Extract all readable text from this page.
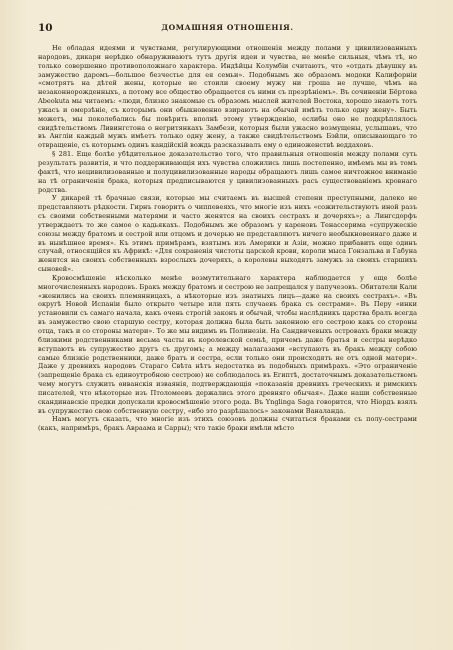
10	ДОМАШНЯЯ ОТНОШЕНІЯ.

Не обладая идеями и чувствами, регулирующими отношенія между полами у цивилизованныхъ народовъ, дикари нерѣдко обнаруживаютъ тутъ другія идеи и чувства, не менѣе сильныя, чѣмъ тѣ, но только совершенно противоположнаго характера. Индѣйцы Колумбіи считаютъ, что «отдать дѣвушку въ замужество даромъ—большое безчестье для ея семьи». Подобнымъ же образомъ модоки Калифорніи «смотрятъ на дѣтей жены, которые не стоили своему мужу ни гроша не лучше, чѣмъ на незаконнорожденныхъ, а потому все общество обращается съ ними съ презрѣніемъ». Въ сочиненіи Бёртова Abeokuta мы читаемъ: «люди, близко знакомые съ образомъ мыслей жителей Востока, хорошо знаютъ тотъ ужасъ и омерзѣніе, съ которымъ они обыкновенно взираютъ на обычай имѣть только одну жену». Быть можетъ, мы поколебались бы повѣрить вполнѣ этому утвержденію, еслибы оно не подкрѣплялось свидѣтельствомъ Ливингстона о негритянкахъ Замбези, которыя были ужасно возмущены, услышавъ, что въ Англіи каждый мужъ имѣетъ только одну жену, а также свидѣтельствомъ Бэйли, описывающаго то отвращеніе, съ которымъ одинъ кандійскій вождь разсказывалъ ему о единоженствѣ веддаховъ.

§ 281. Еще болѣе убѣдительное доказательство того, что правильныя отношенія между полами суть результатъ развитія, и что поддерживающія ихъ чувства сложились лишь постепенно, имѣемъ мы въ томъ фактѣ, что нецивилизованные и полуцивилизованные народы обращаютъ лишь самое ничтожное вниманіе на тѣ ограниченія брака, которыя предписываются у цивилизованныхъ расъ существованіемъ кровнаго родства.

У дикарей тѣ брачные связи, которые мы считаемъ въ высшей степени преступными, далеко не представляютъ рѣдкости. Гирнъ говоритъ о чиппевеяхъ, что многіе изъ нихъ «сожительствуютъ иной разъ съ своими собственными матерями и часто женятся на своихъ сестрахъ и дочеряхъ»; а Лингсдорфъ утверждаетъ то же самое о кадьякахъ. Подобнымъ же образомъ у кареновъ Тенассерима «супружескіе союзы между братомъ и сестрой или отцомъ и дочерью не представляютъ ничего необыкновеннаго даже и въ нынѣшнее время». Къ этимъ примѣрамъ, взятымъ изъ Америки и Азіи, можно прибавить еще одинъ случай, относящійся къ Африкѣ: «Для сохраненія чистоты царской крови, короли мыса Гонзальва и Габуна женятся на своихъ собственныхъ взрослыхъ дочеряхъ, а королевы выходятъ замужъ за своихъ старшихъ сыновей».

Кровосмѣшеніе нѣсколько менѣе возмутительнаго характера наблюдается у еще болѣе многочисленныхъ народовъ. Бракъ между братомъ и сестрою не запрещался у папучезовъ. Обитатели Кали «женились на своихъ племянницахъ, а нѣкоторые изъ знатныхъ лицъ—даже на своихъ сестрахъ». «Въ округѣ Новой Испаніи было открыто четыре или пять случаевъ брака съ сестрами». Въ Перу «инки установили съ самаго начала, какъ очень строгій законъ и обычай, чтобы наслѣдникъ царства бралъ всегда въ замужество свою старшую сестру, которая должна была быть законною его сестрою какъ со стороны отца, такъ и со стороны матери». То же мы видимъ въ Полинезіи. На Сандвичевыхъ островахъ браки между близкими родственниками весьма часты въ королевской семьѣ, причемъ даже братья и сестры нерѣдко вступаютъ въ супружество другъ съ другомъ; а между малагазами «вступаютъ въ бракъ между собою самые близкіе родственники, даже братъ и сестра, если только они происходятъ не отъ одной матери». Даже у древнихъ народовъ Стараго Свѣта нѣтъ недостатка въ подобныхъ примѣрахъ. «Это ограниченіе (запрещеніе брака съ единоутробною сестрою) не соблюдалось въ Египтѣ, достаточнымъ доказательствомъ чему могутъ служить ѳиванскія изваянія, подтверждающія «показанія древнихъ греческихъ и римскихъ писателей, что нѣкоторые изъ Птоломеевъ держались этого древняго обычая». Даже наши собственные скандинавскіе предки допускали кровосмѣшеніе этого рода. Въ Ynglinga Saga говорится, что Нiордъ взялъ въ супружество свою собственную сестру, «ибо это разрѣшалось» законами Ваналанда.

Намъ могутъ сказать, что многіе изъ этихъ союзовъ должны считаться браками съ полу-сестрами (какъ, напримѣръ, бракъ Авраама и Сарры); что такіе браки имѣли мѣсто
